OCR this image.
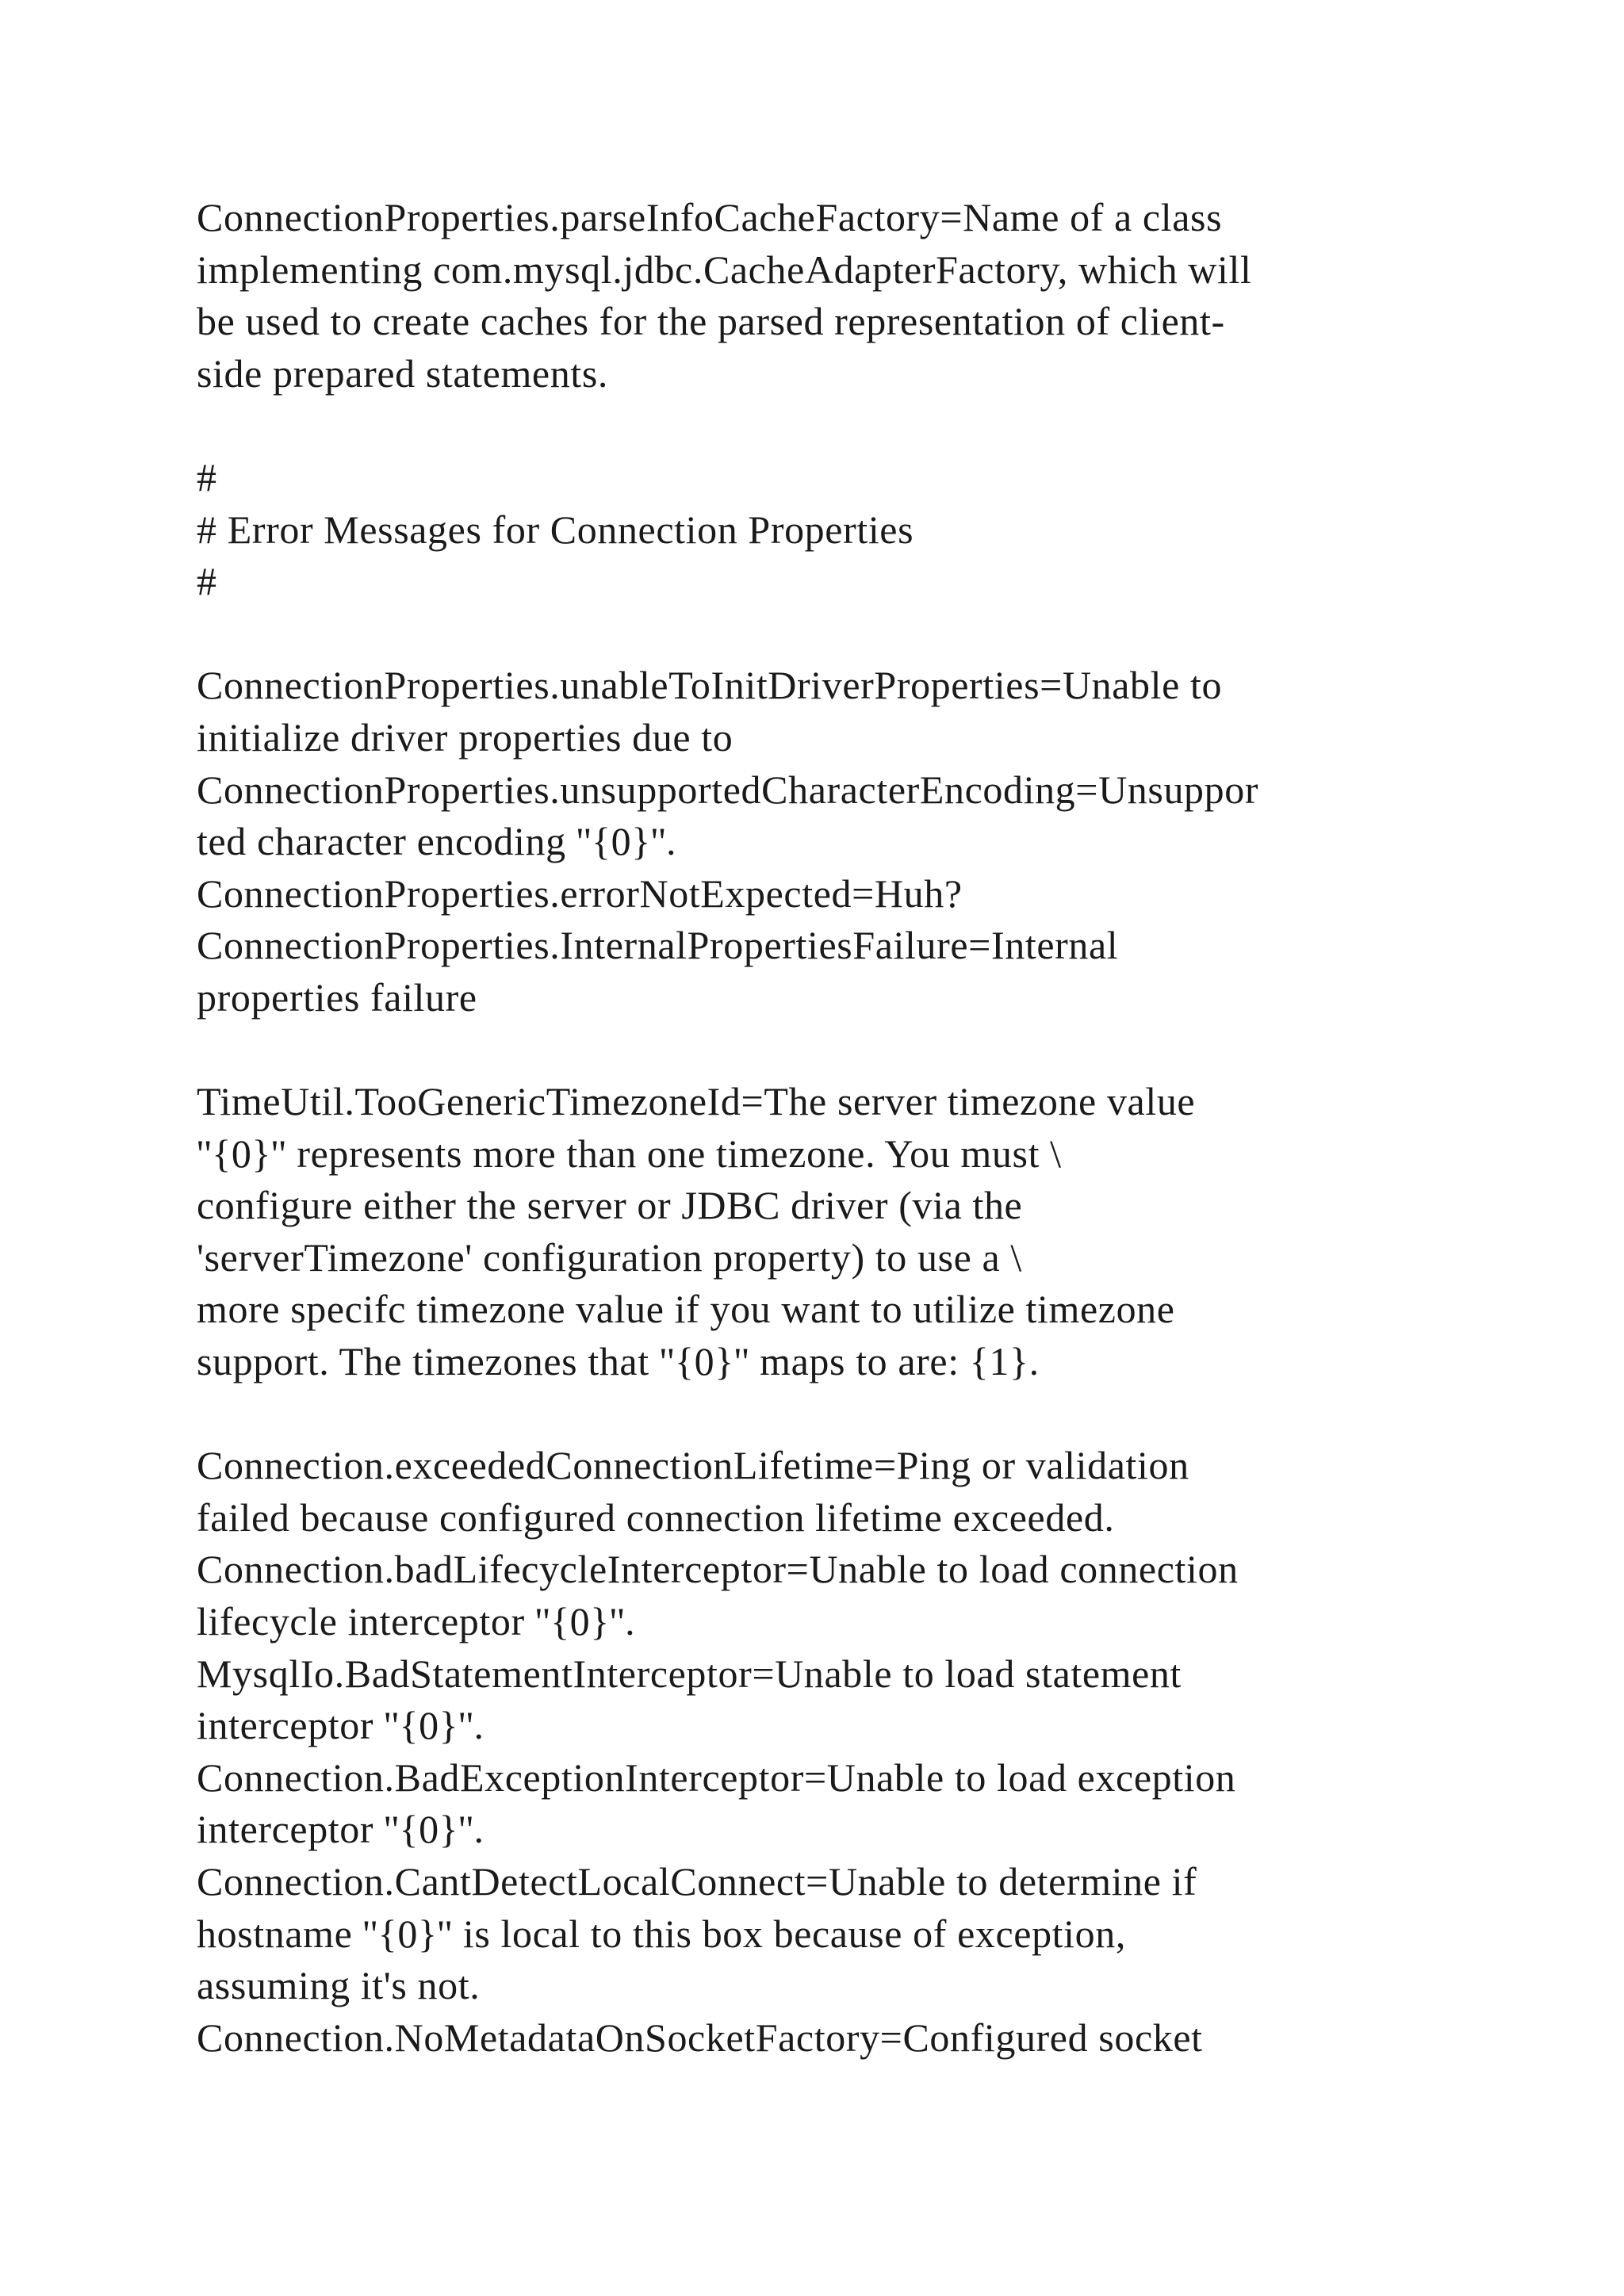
ConnectionProperties.parseInfoCacheFactory=Name of a class
implementing com.mysql.jdbc.CacheAdapterFactory, which will
be used to create caches for the parsed representation of client-
side prepared statements.
#
# Error Messages for Connection Properties
#
ConnectionProperties.unableToInitDriverProperties=Unable to
initialize driver properties due to
ConnectionProperties.unsupportedCharacterEncoding=Unsuppor
ted character encoding ''{0}''.
ConnectionProperties.errorNotExpected=Huh?
ConnectionProperties.InternalPropertiesFailure=Internal
properties failure
TimeUtil.TooGenericTimezoneId=The server timezone value
''{0}'' represents more than one timezone. You must \
configure either the server or JDBC driver (via the
'serverTimezone' configuration property) to use a \
more specifc timezone value if you want to utilize timezone
support. The timezones that ''{0}'' maps to are: {1}.
Connection.exceededConnectionLifetime=Ping or validation
failed because configured connection lifetime exceeded.
Connection.badLifecycleInterceptor=Unable to load connection
lifecycle interceptor ''{0}''.
MysqlIo.BadStatementInterceptor=Unable to load statement
interceptor ''{0}''.
Connection.BadExceptionInterceptor=Unable to load exception
interceptor ''{0}''.
Connection.CantDetectLocalConnect=Unable to determine if
hostname ''{0}'' is local to this box because of exception,
assuming it's not.
Connection.NoMetadataOnSocketFactory=Configured socket
